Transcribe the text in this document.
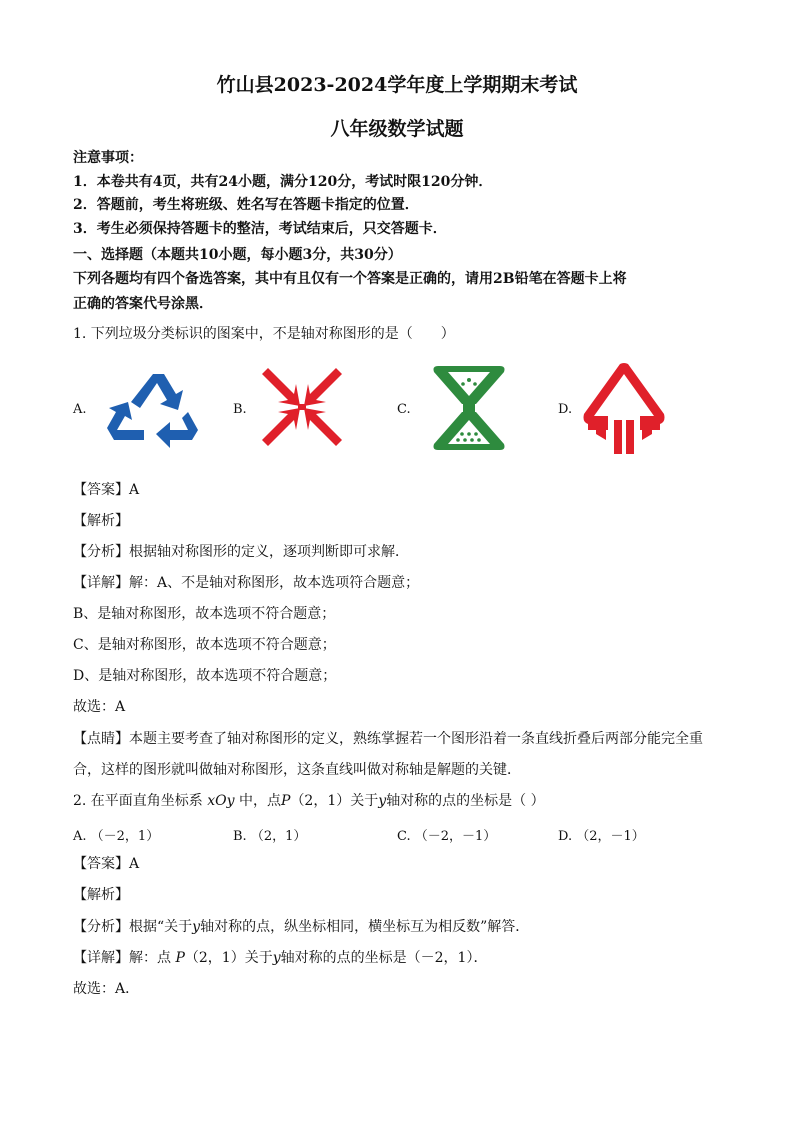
竹山县2023-2024学年度上学期期末考试
八年级数学试题
注意事项：
1．本卷共有4页，共有24小题，满分120分，考试时限120分钟．
2．答题前，考生将班级、姓名写在答题卡指定的位置．
3．考生必须保持答题卡的整洁，考试结束后，只交答题卡．
一、选择题（本题共10小题，每小题3分，共30分）
下列各题均有四个备选答案，其中有且仅有一个答案是正确的，请用2B铅笔在答题卡上将
正确的答案代号涂黑．
1. 下列垃圾分类标识的图案中，不是轴对称图形的是（　　）
A.	B.	C.	D.
【答案】A
【解析】
【分析】根据轴对称图形的定义，逐项判断即可求解．
【详解】解：A、不是轴对称图形，故本选项符合题意；
B、是轴对称图形，故本选项不符合题意；
C、是轴对称图形，故本选项不符合题意；
D、是轴对称图形，故本选项不符合题意；
故选：A
【点睛】本题主要考查了轴对称图形的定义，熟练掌握若一个图形沿着一条直线折叠后两部分能完全重
合，这样的图形就叫做轴对称图形，这条直线叫做对称轴是解题的关键．
2. 在平面直角坐标系 xOy 中，点P（2，1）关于y轴对称的点的坐标是（ ）
A. （－2，1）	B. （2，1）	C. （－2，－1）	D. （2，－1）
【答案】A
【解析】
【分析】根据“关于y轴对称的点，纵坐标相同，横坐标互为相反数”解答．
【详解】解：点 P（2，1）关于y轴对称的点的坐标是（－2，1）．
故选：A．
